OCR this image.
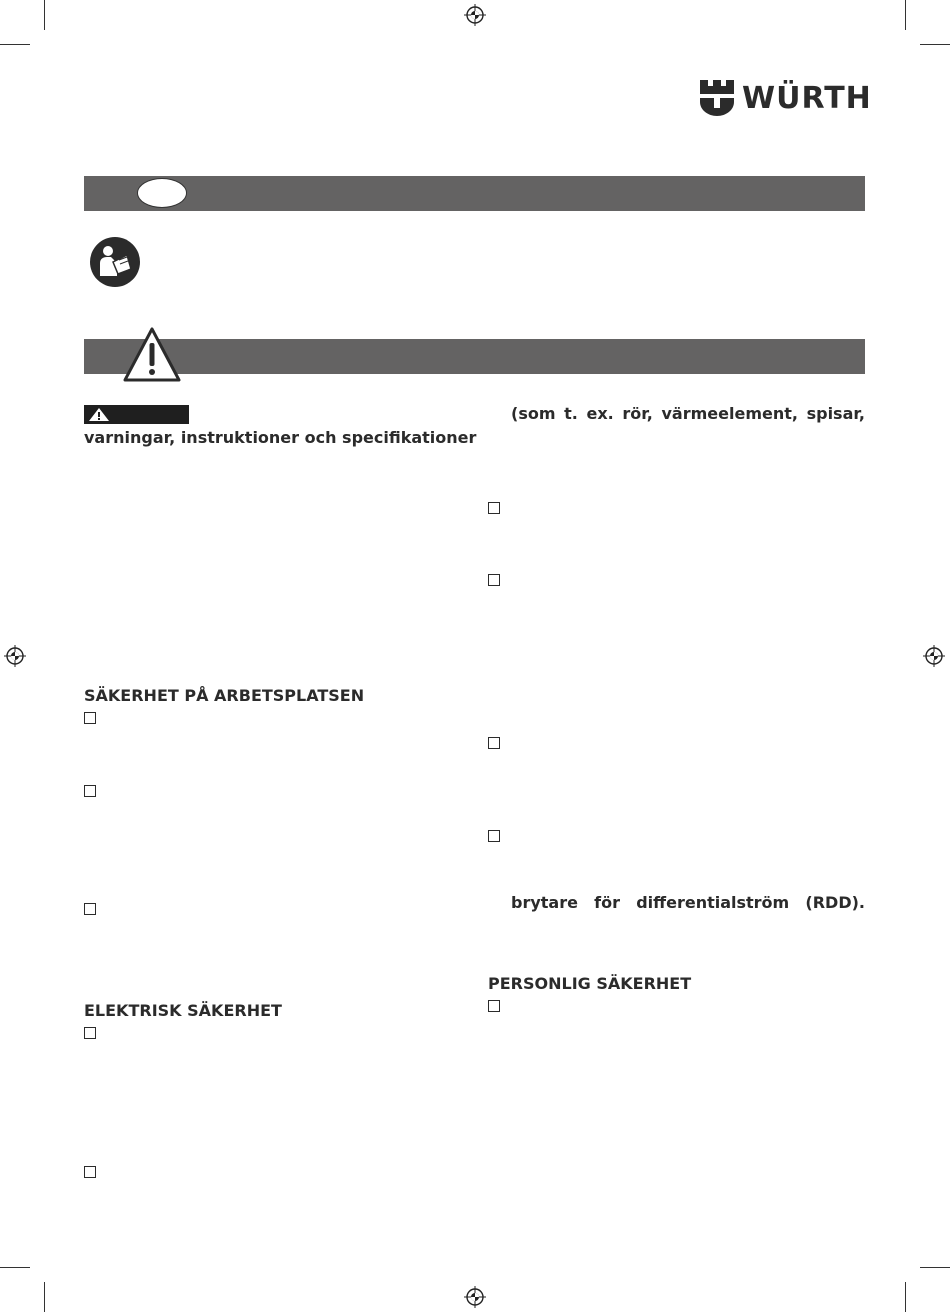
WÜRTH
varningar, instruktioner och specifikationer
SÄKERHET PÅ ARBETSPLATSEN
ELEKTRISK SÄKERHET
(som t. ex. rör, värmeelement, spisar,
brytare för differentialström (RDD).
PERSONLIG SÄKERHET
